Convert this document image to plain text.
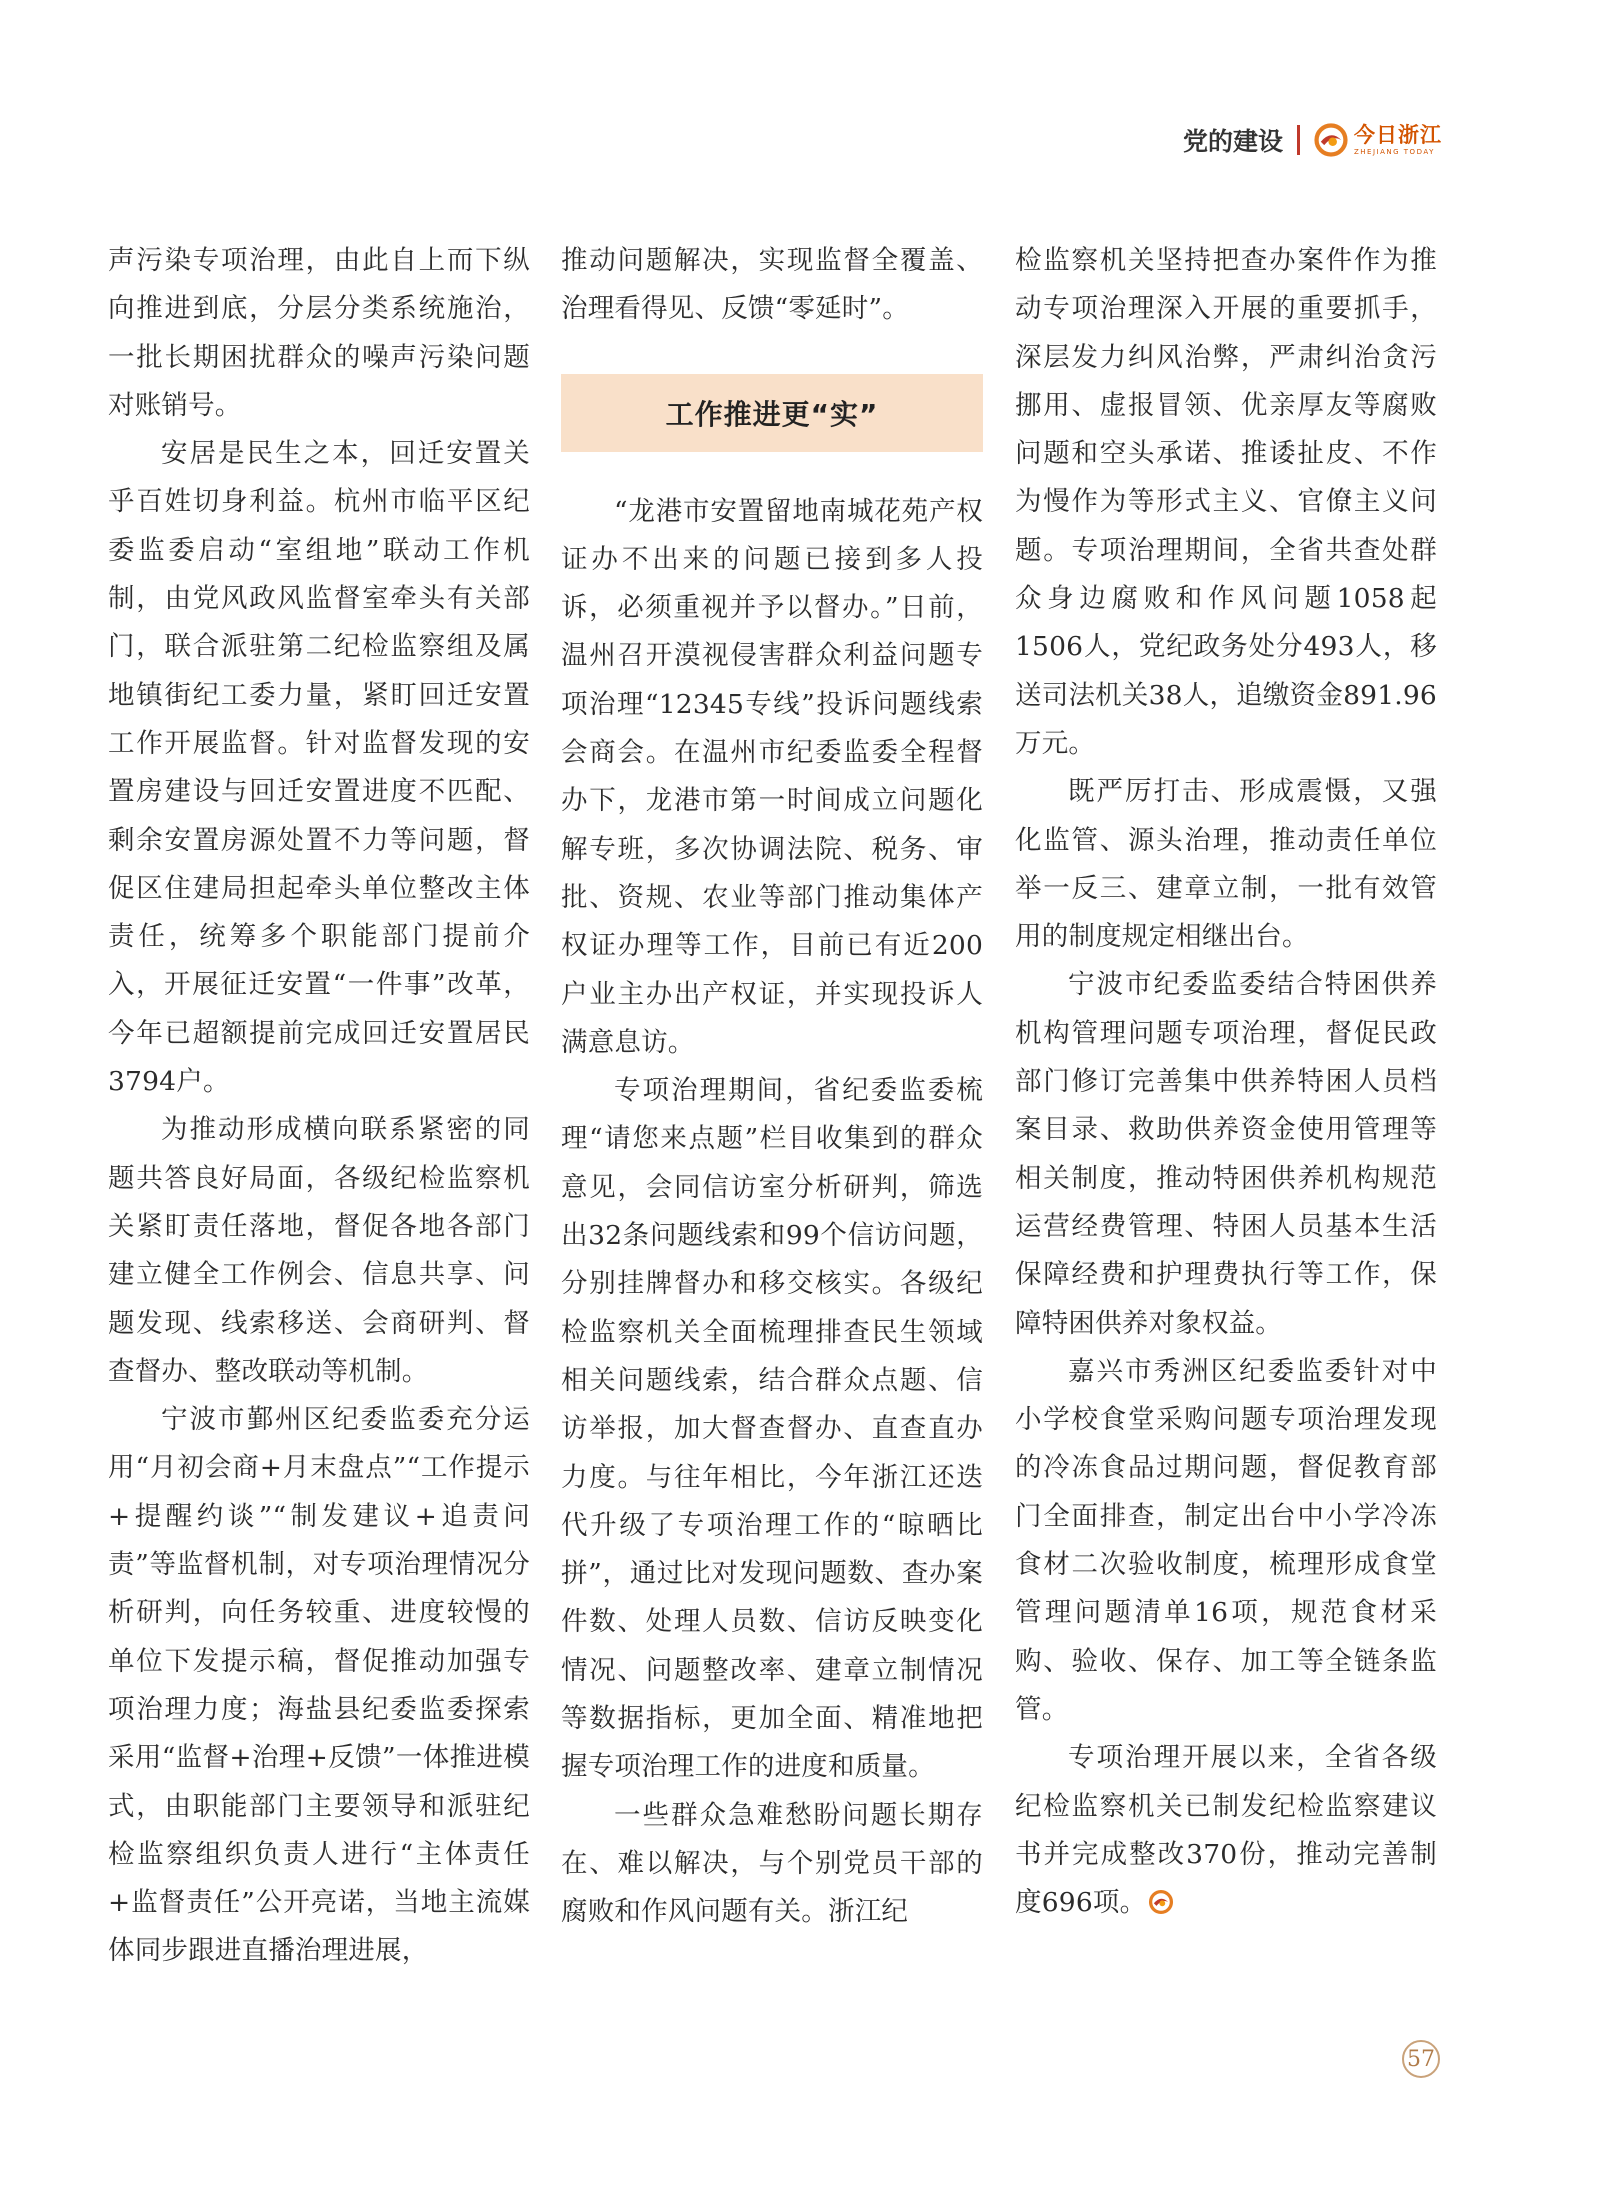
党的建设	今日浙江
ZHEJIANG TODAY

声污染专项治理，由此自上而下纵向推进到底，分层分类系统施治，一批长期困扰群众的噪声污染问题对账销号。

安居是民生之本，回迁安置关乎百姓切身利益。杭州市临平区纪委监委启动“室组地”联动工作机制，由党风政风监督室牵头有关部门，联合派驻第二纪检监察组及属地镇街纪工委力量，紧盯回迁安置工作开展监督。针对监督发现的安置房建设与回迁安置进度不匹配、剩余安置房源处置不力等问题，督促区住建局担起牵头单位整改主体责任，统筹多个职能部门提前介入，开展征迁安置“一件事”改革，今年已超额提前完成回迁安置居民3794户。

为推动形成横向联系紧密的同题共答良好局面，各级纪检监察机关紧盯责任落地，督促各地各部门建立健全工作例会、信息共享、问题发现、线索移送、会商研判、督查督办、整改联动等机制。

宁波市鄞州区纪委监委充分运用“月初会商+月末盘点”“工作提示+提醒约谈”“制发建议+追责问责”等监督机制，对专项治理情况分析研判，向任务较重、进度较慢的单位下发提示稿，督促推动加强专项治理力度；海盐县纪委监委探索采用“监督+治理+反馈”一体推进模式，由职能部门主要领导和派驻纪检监察组织负责人进行“主体责任+监督责任”公开亮诺，当地主流媒体同步跟进直播治理进展，

推动问题解决，实现监督全覆盖、治理看得见、反馈“零延时”。

工作推进更“实”

“龙港市安置留地南城花苑产权证办不出来的问题已接到多人投诉，必须重视并予以督办。”日前，温州召开漠视侵害群众利益问题专项治理“12345专线”投诉问题线索会商会。在温州市纪委监委全程督办下，龙港市第一时间成立问题化解专班，多次协调法院、税务、审批、资规、农业等部门推动集体产权证办理等工作，目前已有近200户业主办出产权证，并实现投诉人满意息访。

专项治理期间，省纪委监委梳理“请您来点题”栏目收集到的群众意见，会同信访室分析研判，筛选出32条问题线索和99个信访问题，分别挂牌督办和移交核实。各级纪检监察机关全面梳理排查民生领域相关问题线索，结合群众点题、信访举报，加大督查督办、直查直办力度。与往年相比，今年浙江还迭代升级了专项治理工作的“晾晒比拼”，通过比对发现问题数、查办案件数、处理人员数、信访反映变化情况、问题整改率、建章立制情况等数据指标，更加全面、精准地把握专项治理工作的进度和质量。

一些群众急难愁盼问题长期存在、难以解决，与个别党员干部的腐败和作风问题有关。浙江纪

检监察机关坚持把查办案件作为推动专项治理深入开展的重要抓手，深层发力纠风治弊，严肃纠治贪污挪用、虚报冒领、优亲厚友等腐败问题和空头承诺、推诿扯皮、不作为慢作为等形式主义、官僚主义问题。专项治理期间，全省共查处群众身边腐败和作风问题1058起1506人，党纪政务处分493人，移送司法机关38人，追缴资金891.96万元。

既严厉打击、形成震慑，又强化监管、源头治理，推动责任单位举一反三、建章立制，一批有效管用的制度规定相继出台。

宁波市纪委监委结合特困供养机构管理问题专项治理，督促民政部门修订完善集中供养特困人员档案目录、救助供养资金使用管理等相关制度，推动特困供养机构规范运营经费管理、特困人员基本生活保障经费和护理费执行等工作，保障特困供养对象权益。

嘉兴市秀洲区纪委监委针对中小学校食堂采购问题专项治理发现的冷冻食品过期问题，督促教育部门全面排查，制定出台中小学冷冻食材二次验收制度，梳理形成食堂管理问题清单16项，规范食材采购、验收、保存、加工等全链条监管。

专项治理开展以来，全省各级纪检监察机关已制发纪检监察建议书并完成整改370份，推动完善制度696项。

57
